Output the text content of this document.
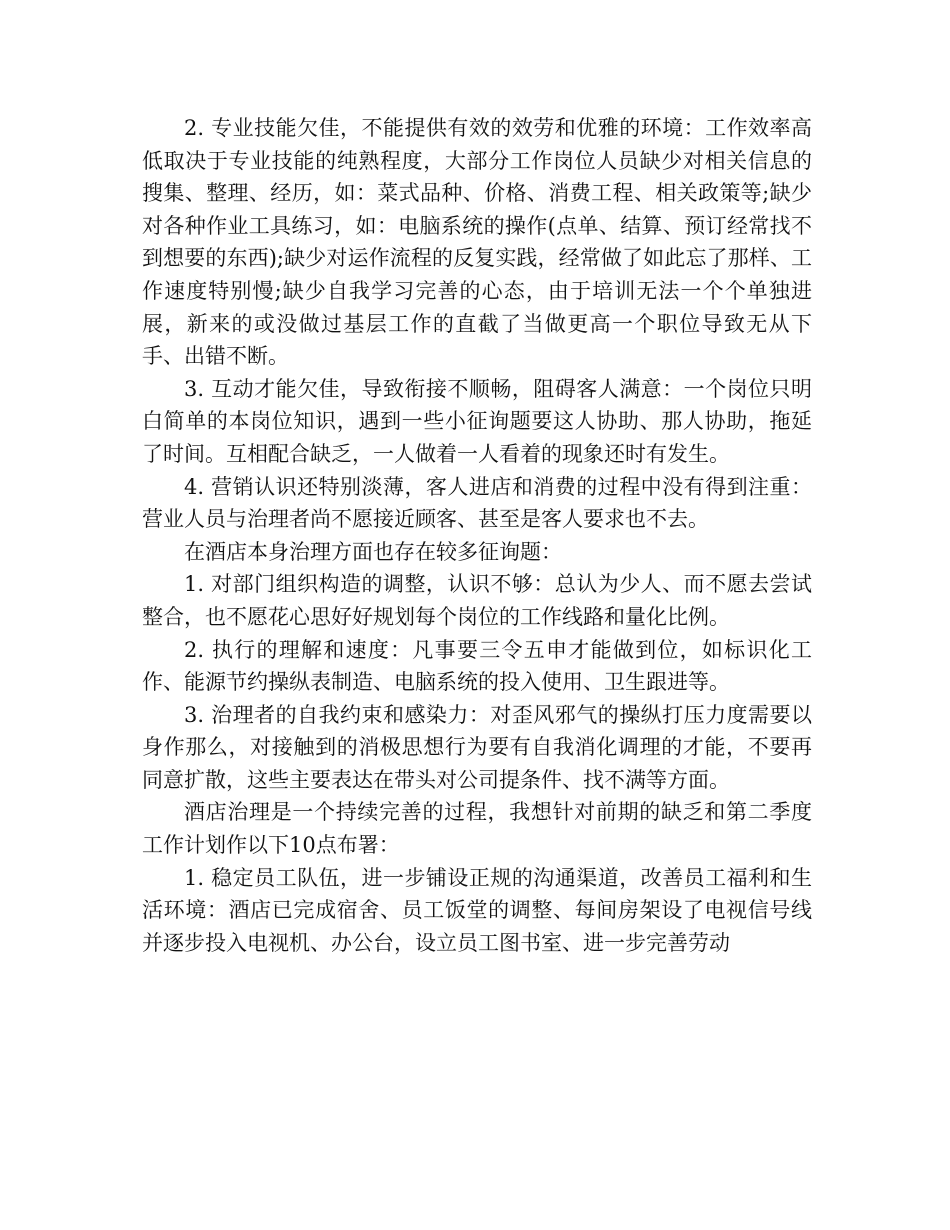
2. 专业技能欠佳，不能提供有效的效劳和优雅的环境：工作效率高低取决于专业技能的纯熟程度，大部分工作岗位人员缺少对相关信息的搜集、整理、经历，如：菜式品种、价格、消费工程、相关政策等;缺少对各种作业工具练习，如：电脑系统的操作(点单、结算、预订经常找不到想要的东西);缺少对运作流程的反复实践，经常做了如此忘了那样、工作速度特别慢;缺少自我学习完善的心态，由于培训无法一个个单独进展，新来的或没做过基层工作的直截了当做更高一个职位导致无从下手、出错不断。

3. 互动才能欠佳，导致衔接不顺畅，阻碍客人满意：一个岗位只明白简单的本岗位知识，遇到一些小征询题要这人协助、那人协助，拖延了时间。互相配合缺乏，一人做着一人看着的现象还时有发生。

4. 营销认识还特别淡薄，客人进店和消费的过程中没有得到注重：营业人员与治理者尚不愿接近顾客、甚至是客人要求也不去。

在酒店本身治理方面也存在较多征询题：

1. 对部门组织构造的调整，认识不够：总认为少人、而不愿去尝试整合，也不愿花心思好好规划每个岗位的工作线路和量化比例。

2. 执行的理解和速度：凡事要三令五申才能做到位，如标识化工作、能源节约操纵表制造、电脑系统的投入使用、卫生跟进等。

3. 治理者的自我约束和感染力：对歪风邪气的操纵打压力度需要以身作那么，对接触到的消极思想行为要有自我消化调理的才能，不要再同意扩散，这些主要表达在带头对公司提条件、找不满等方面。

酒店治理是一个持续完善的过程，我想针对前期的缺乏和第二季度工作计划作以下10点布署：

1. 稳定员工队伍，进一步铺设正规的沟通渠道，改善员工福利和生活环境：酒店已完成宿舍、员工饭堂的调整、每间房架设了电视信号线并逐步投入电视机、办公台，设立员工图书室、进一步完善劳动
